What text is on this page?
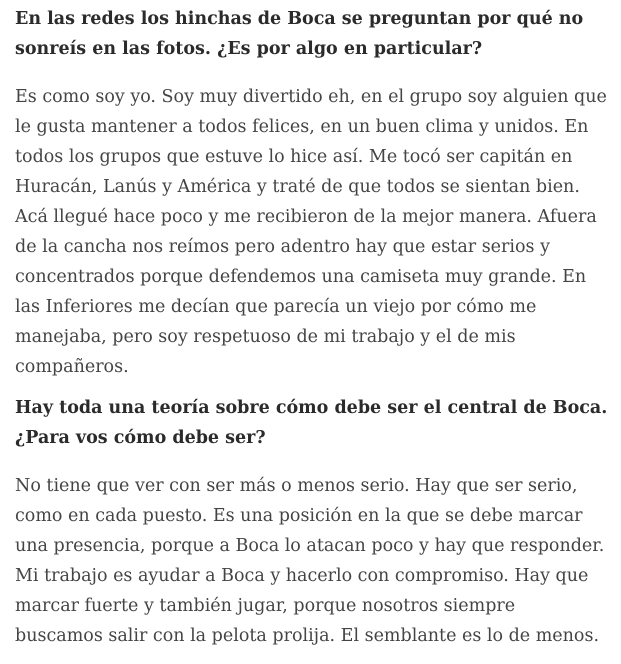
En las redes los hinchas de Boca se preguntan por qué no
sonreís en las fotos. ¿Es por algo en particular?

Es como soy yo. Soy muy divertido eh, en el grupo soy alguien que
le gusta mantener a todos felices, en un buen clima y unidos. En
todos los grupos que estuve lo hice así. Me tocó ser capitán en
Huracán, Lanús y América y traté de que todos se sientan bien.
Acá llegué hace poco y me recibieron de la mejor manera. Afuera
de la cancha nos reímos pero adentro hay que estar serios y
concentrados porque defendemos una camiseta muy grande. En
las Inferiores me decían que parecía un viejo por cómo me
manejaba, pero soy respetuoso de mi trabajo y el de mis
compañeros.

Hay toda una teoría sobre cómo debe ser el central de Boca.
¿Para vos cómo debe ser?

No tiene que ver con ser más o menos serio. Hay que ser serio,
como en cada puesto. Es una posición en la que se debe marcar
una presencia, porque a Boca lo atacan poco y hay que responder.
Mi trabajo es ayudar a Boca y hacerlo con compromiso. Hay que
marcar fuerte y también jugar, porque nosotros siempre
buscamos salir con la pelota prolija. El semblante es lo de menos.
